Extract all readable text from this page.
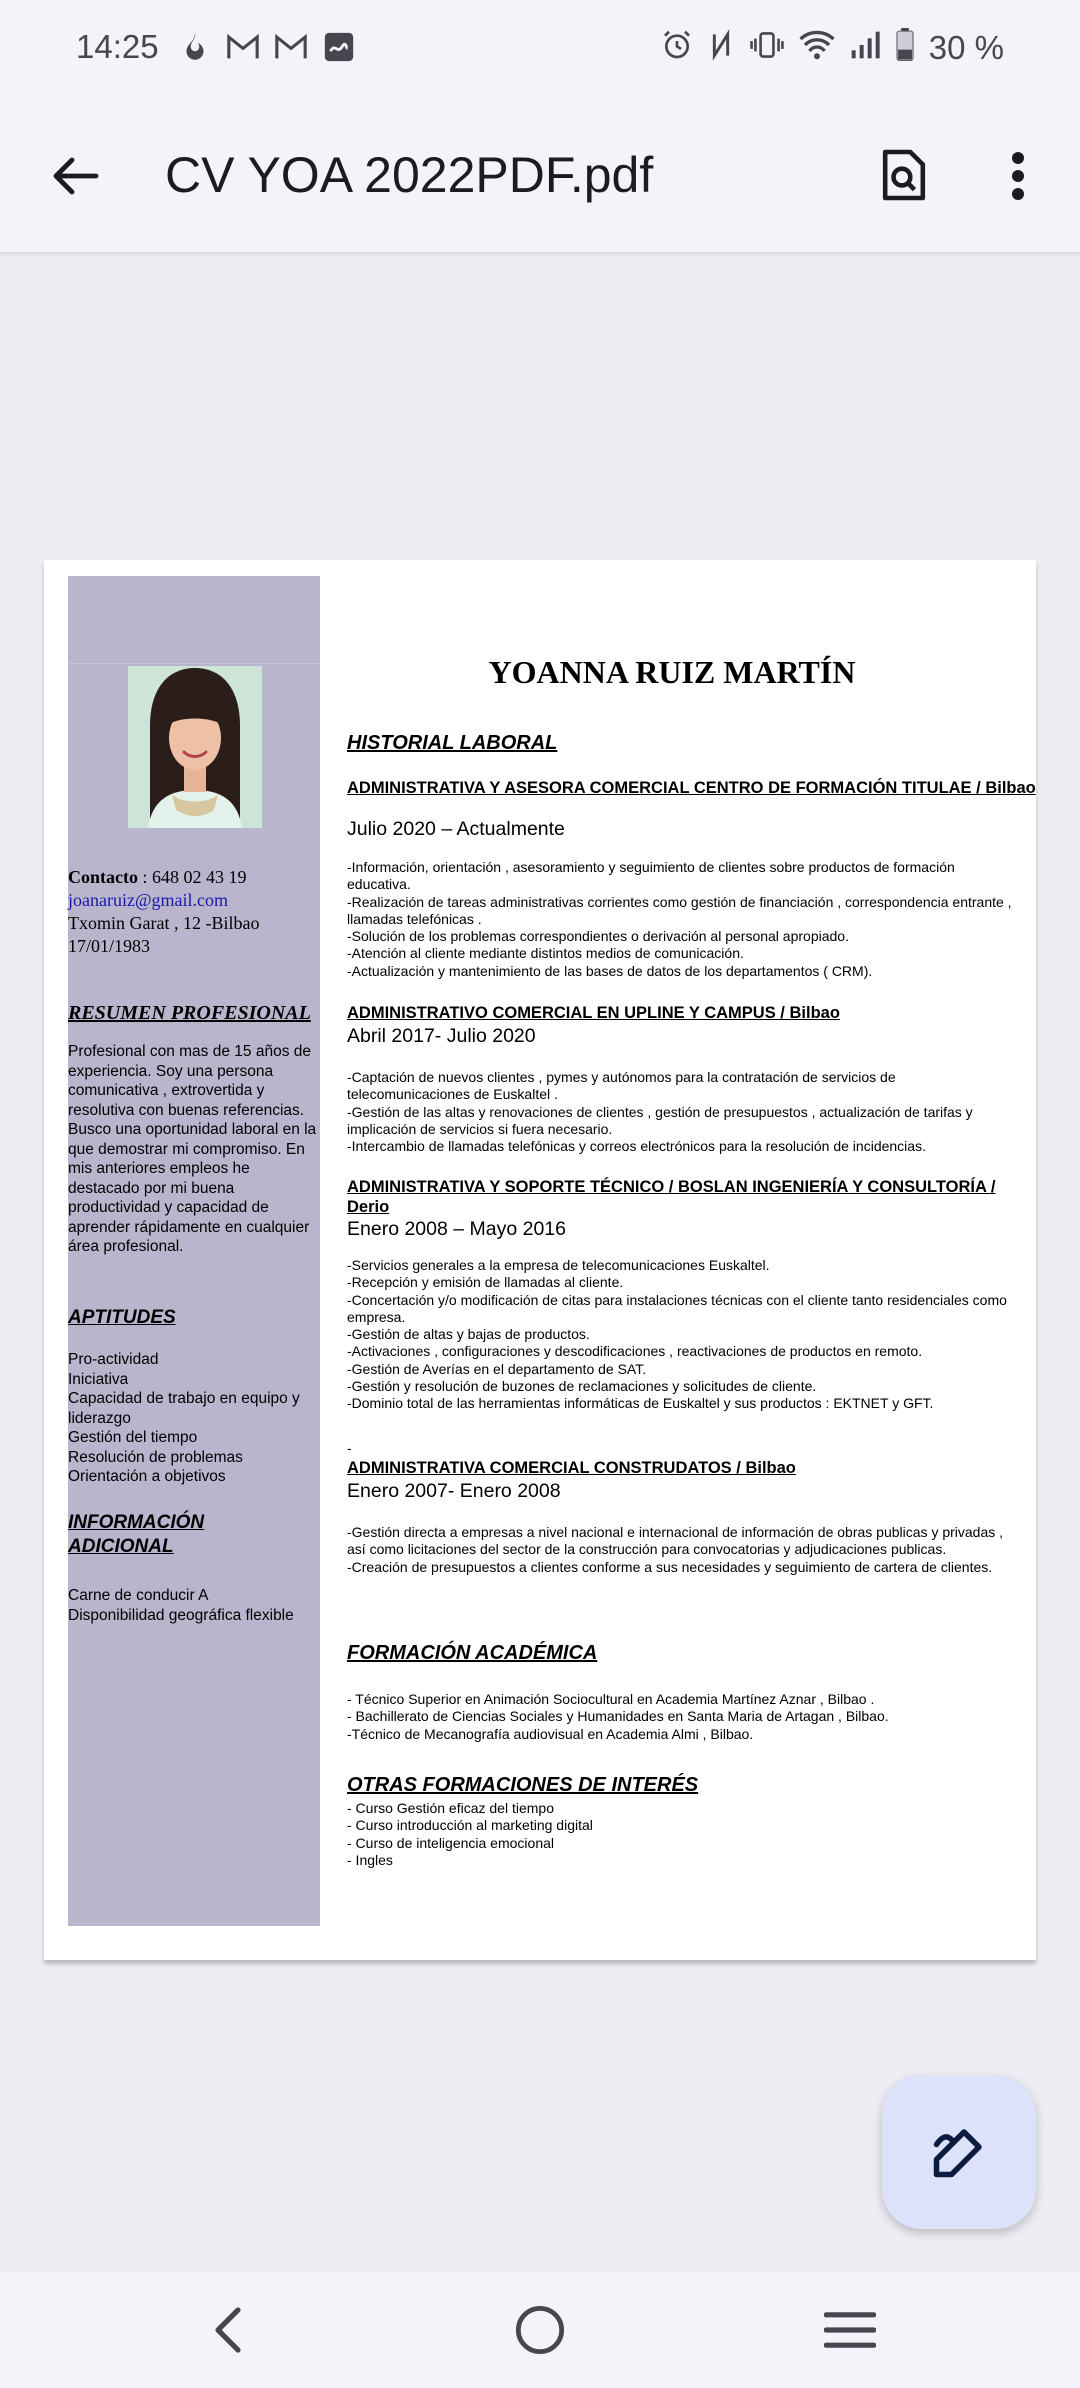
14:25	30 %
CV YOA 2022PDF.pdf
Contacto : 648 02 43 19
joanaruiz@gmail.com
Txomin Garat , 12 -Bilbao
17/01/1983
RESUMEN PROFESIONAL
Profesional con mas de 15 años de experiencia. Soy una persona comunicativa , extrovertida y resolutiva con buenas referencias. Busco una oportunidad laboral en la que demostrar mi compromiso. En mis anteriores empleos he destacado por mi buena productividad y capacidad de aprender rápidamente en cualquier área profesional.
APTITUDES
Pro-actividad
Iniciativa
Capacidad de trabajo en equipo y liderazgo
Gestión del tiempo
Resolución de problemas
Orientación a objetivos
INFORMACIÓN ADICIONAL
Carne de conducir A
Disponibilidad geográfica flexible
YOANNA RUIZ MARTÍN
HISTORIAL LABORAL
ADMINISTRATIVA Y ASESORA COMERCIAL CENTRO DE FORMACIÓN TITULAE / Bilbao
Julio 2020 – Actualmente
-Información, orientación , asesoramiento y seguimiento de clientes sobre productos de formación educativa.
-Realización de tareas administrativas corrientes como gestión de financiación , correspondencia entrante , llamadas telefónicas .
-Solución de los problemas correspondientes o derivación al personal apropiado.
-Atención al cliente mediante distintos medios de comunicación.
-Actualización y mantenimiento de las bases de datos de los departamentos ( CRM).
ADMINISTRATIVO COMERCIAL EN UPLINE Y CAMPUS / Bilbao
Abril 2017- Julio 2020
-Captación de nuevos clientes , pymes y autónomos para la contratación de servicios de telecomunicaciones de Euskaltel .
-Gestión de las altas y renovaciones de clientes , gestión de presupuestos , actualización de tarifas y implicación de servicios si fuera necesario.
-Intercambio de llamadas telefónicas y correos electrónicos para la resolución de incidencias.
ADMINISTRATIVA Y SOPORTE TÉCNICO / BOSLAN INGENIERÍA Y CONSULTORÍA / Derio
Enero 2008 – Mayo 2016
-Servicios generales a la empresa de telecomunicaciones Euskaltel.
-Recepción y emisión de llamadas al cliente.
-Concertación y/o modificación de citas para instalaciones técnicas con el cliente tanto residenciales como empresa.
-Gestión de altas y bajas de productos.
-Activaciones , configuraciones y descodificaciones , reactivaciones de productos en remoto.
-Gestión de Averías en el departamento de SAT.
-Gestión y resolución de buzones de reclamaciones y solicitudes de cliente.
-Dominio total de las herramientas informáticas de Euskaltel y sus productos : EKTNET y GFT.
-
ADMINISTRATIVA COMERCIAL CONSTRUDATOS / Bilbao
Enero 2007- Enero 2008
-Gestión directa a empresas a nivel nacional e internacional de información de obras publicas y privadas , así como licitaciones del sector de la construcción para convocatorias y adjudicaciones publicas.
-Creación de presupuestos a clientes conforme a sus necesidades y seguimiento de cartera de clientes.
FORMACIÓN ACADÉMICA
- Técnico Superior en Animación Sociocultural en Academia Martínez Aznar , Bilbao .
- Bachillerato de Ciencias Sociales y Humanidades en Santa Maria de Artagan , Bilbao.
-Técnico de Mecanografía audiovisual en Academia Almi , Bilbao.
OTRAS FORMACIONES DE INTERÉS
- Curso Gestión eficaz del tiempo
- Curso introducción al marketing digital
- Curso de inteligencia emocional
- Ingles
